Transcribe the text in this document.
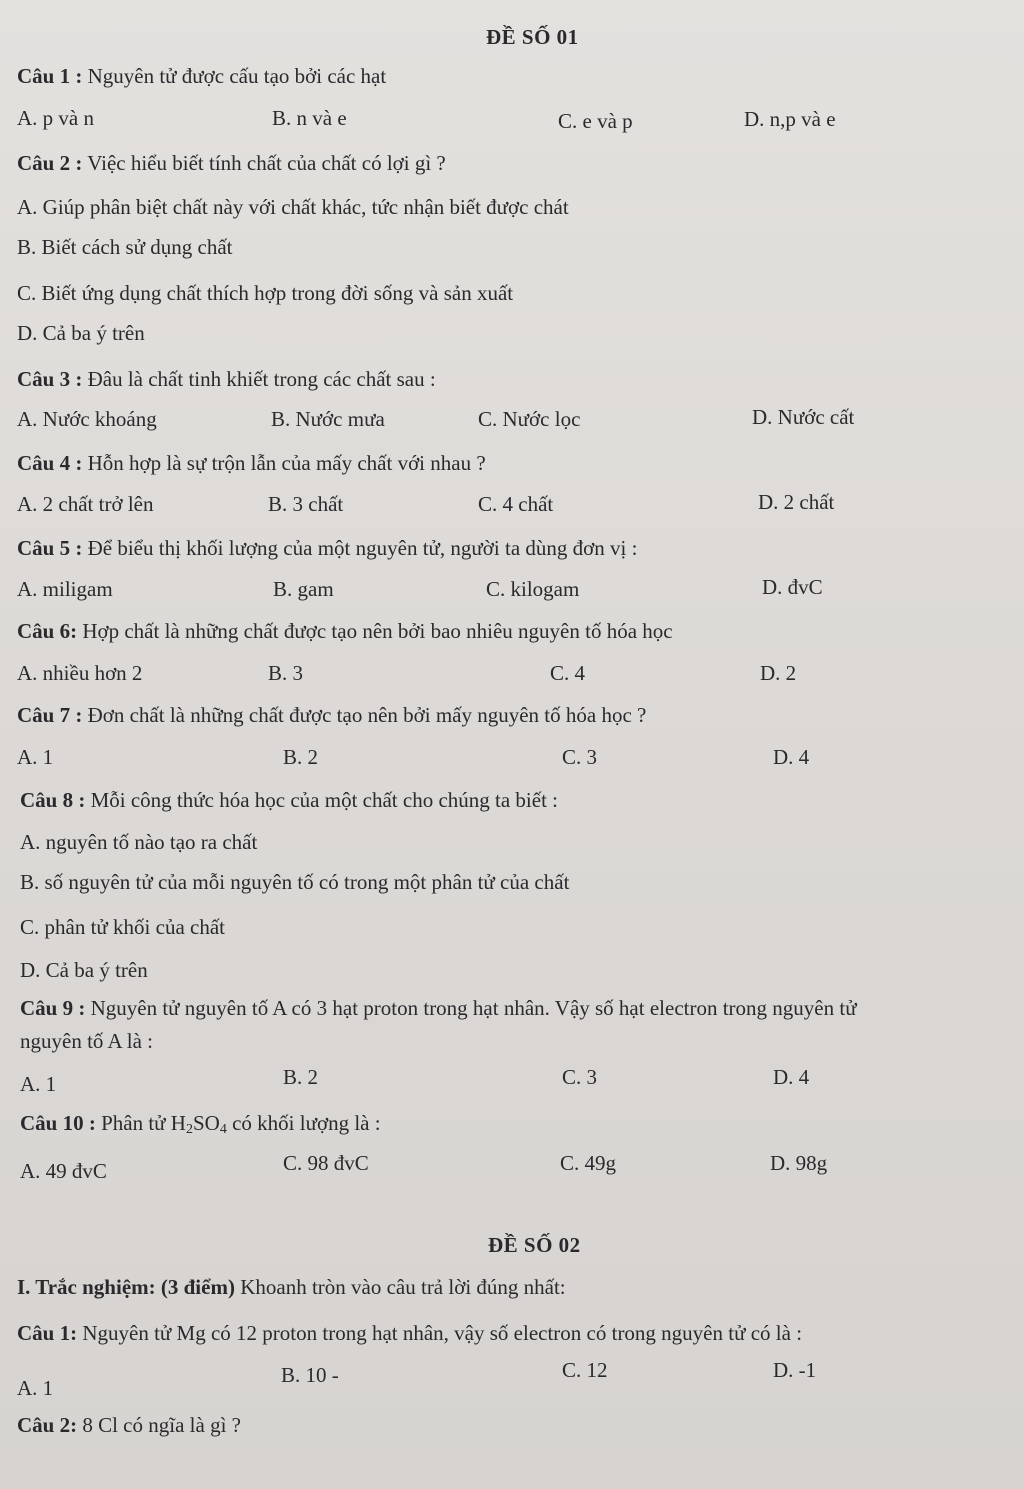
ĐỀ SỐ 01
Câu 1 : Nguyên tử được cấu tạo bởi các hạt
A. p và n	B. n và e	C. e và p	D. n,p và e
Câu 2 : Việc hiểu biết tính chất của chất có lợi gì ?
A. Giúp phân biệt chất này với chất khác, tức nhận biết được chát
B. Biết cách sử dụng chất
C. Biết ứng dụng chất thích hợp trong đời sống và sản xuất
D. Cả ba ý trên
Câu 3 : Đâu là chất tinh khiết trong các chất sau :
A. Nước khoáng	B. Nước mưa	C. Nước lọc	D. Nước cất
Câu 4 : Hỗn hợp là sự trộn lẫn của mấy chất với nhau ?
A. 2 chất trở lên	B. 3 chất	C. 4 chất	D. 2 chất
Câu 5 : Để biểu thị khối lượng của một nguyên tử, người ta dùng đơn vị :
A. miligam	B. gam	C. kilogam	D. đvC
Câu 6: Hợp chất là những chất được tạo nên bởi bao nhiêu nguyên tố hóa học
A. nhiều hơn 2	B. 3	C. 4	D. 2
Câu 7 : Đơn chất là những chất được tạo nên bởi mấy nguyên tố hóa học ?
A. 1	B. 2	C. 3	D. 4
Câu 8 : Mỗi công thức hóa học của một chất cho chúng ta biết :
A. nguyên tố nào tạo ra chất
B. số nguyên tử của mỗi nguyên tố có trong một phân tử của chất
C. phân tử khối của chất
D. Cả ba ý trên
Câu 9 : Nguyên tử nguyên tố A có 3 hạt proton trong hạt nhân. Vậy số hạt electron trong nguyên tử
nguyên tố A là :
A. 1	B. 2	C. 3	D. 4
Câu 10 : Phân tử $H_2SO_4$ có khối lượng là :
A. 49 đvC	C. 98 đvC	C. 49g	D. 98g
ĐỀ SỐ 02
I. Trắc nghiệm: (3 điểm) Khoanh tròn vào câu trả lời đúng nhất:
Câu 1: Nguyên tử Mg có 12 proton trong hạt nhân, vậy số electron có trong nguyên tử có là :
A. 1
B. 10 -	C. 12	D. -1
Câu 2: 8 Cl có ngĩa là gì ?
